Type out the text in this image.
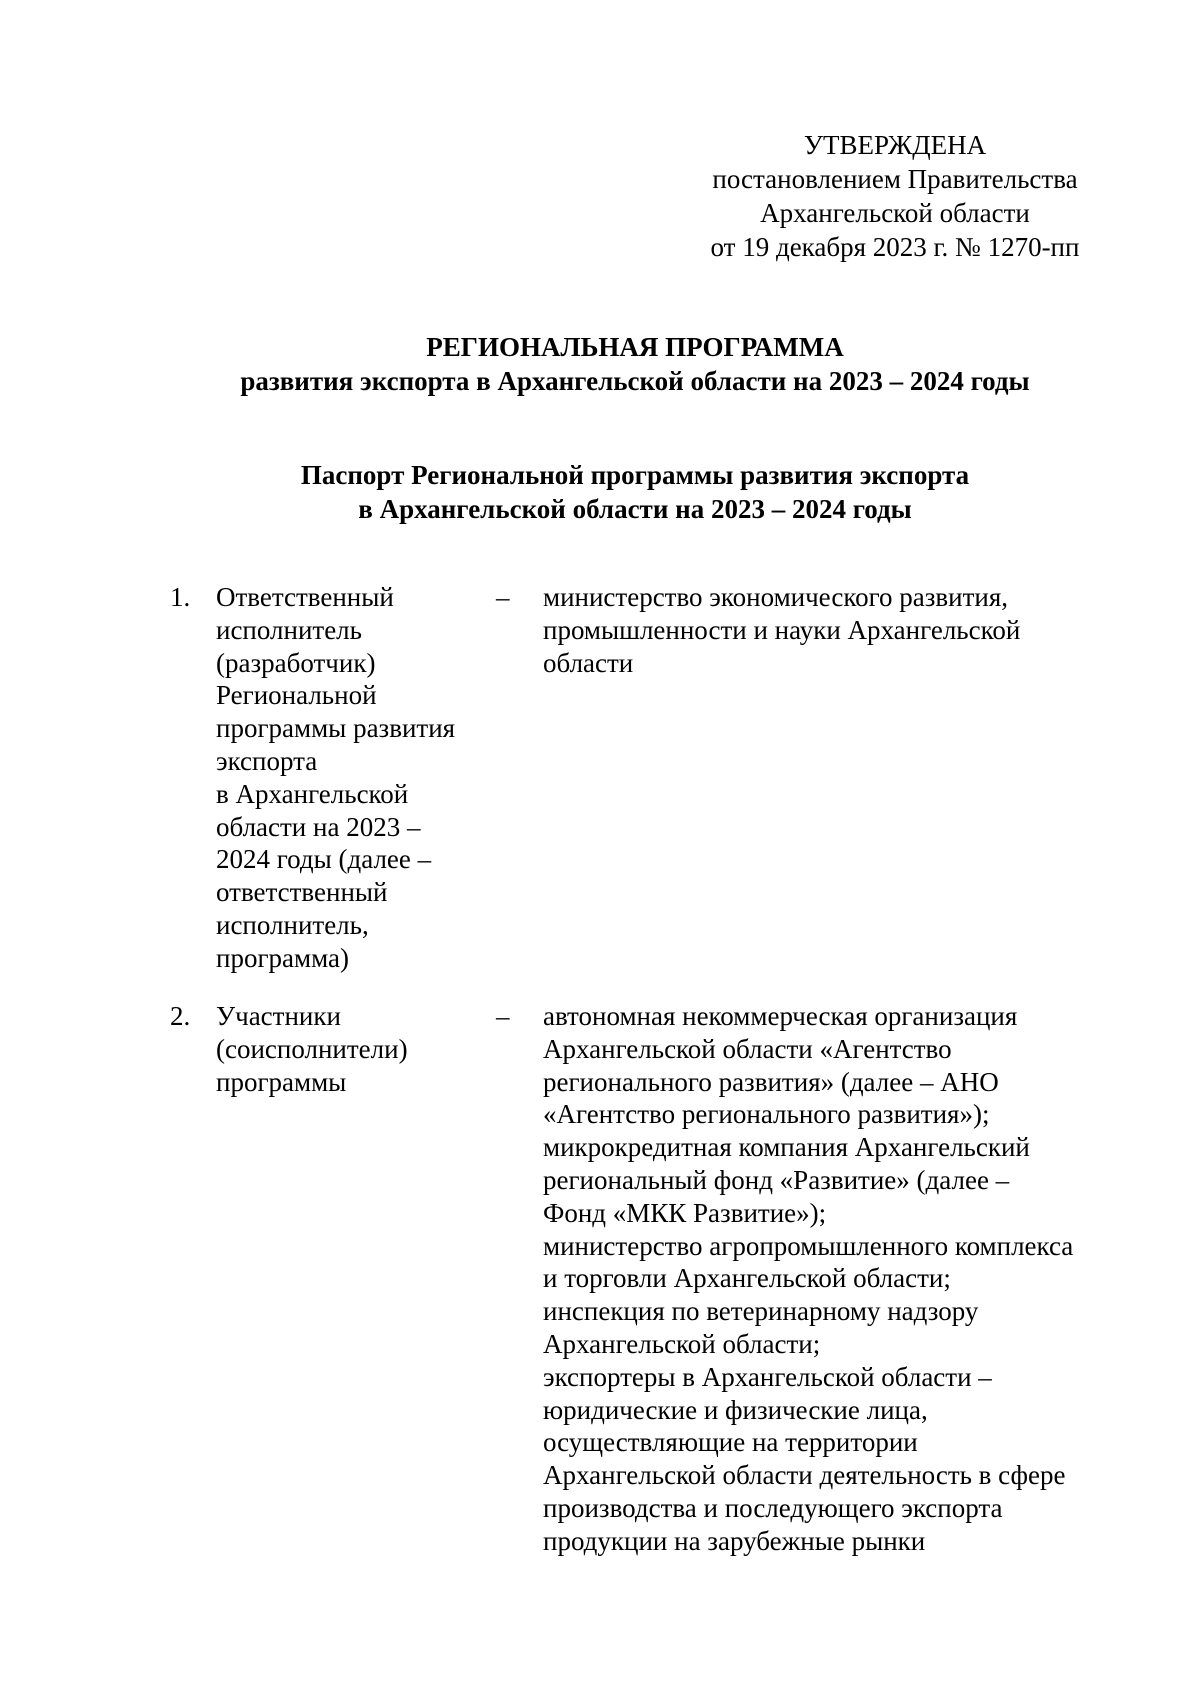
УТВЕРЖДЕНА
постановлением Правительства
Архангельской области
от 19 декабря 2023 г. № 1270-пп
РЕГИОНАЛЬНАЯ ПРОГРАММА
развития экспорта в Архангельской области на 2023 – 2024 годы
Паспорт Региональной программы развития экспорта
в Архангельской области на 2023 – 2024 годы
1. Ответственный
исполнитель
(разработчик)
Региональной
программы развития
экспорта
в Архангельской
области на 2023 –
2024 годы (далее –
ответственный
исполнитель,
программа)
– министерство экономического развития,
промышленности и науки Архангельской
области
2. Участники
(соисполнители)
программы
– автономная некоммерческая организация
Архангельской области «Агентство
регионального развития» (далее – АНО
«Агентство регионального развития»);
микрокредитная компания Архангельский
региональный фонд «Развитие» (далее –
Фонд «МКК Развитие»);
министерство агропромышленного комплекса
и торговли Архангельской области;
инспекция по ветеринарному надзору
Архангельской области;
экспортеры в Архангельской области –
юридические и физические лица,
осуществляющие на территории
Архангельской области деятельность в сфере
производства и последующего экспорта
продукции на зарубежные рынки
